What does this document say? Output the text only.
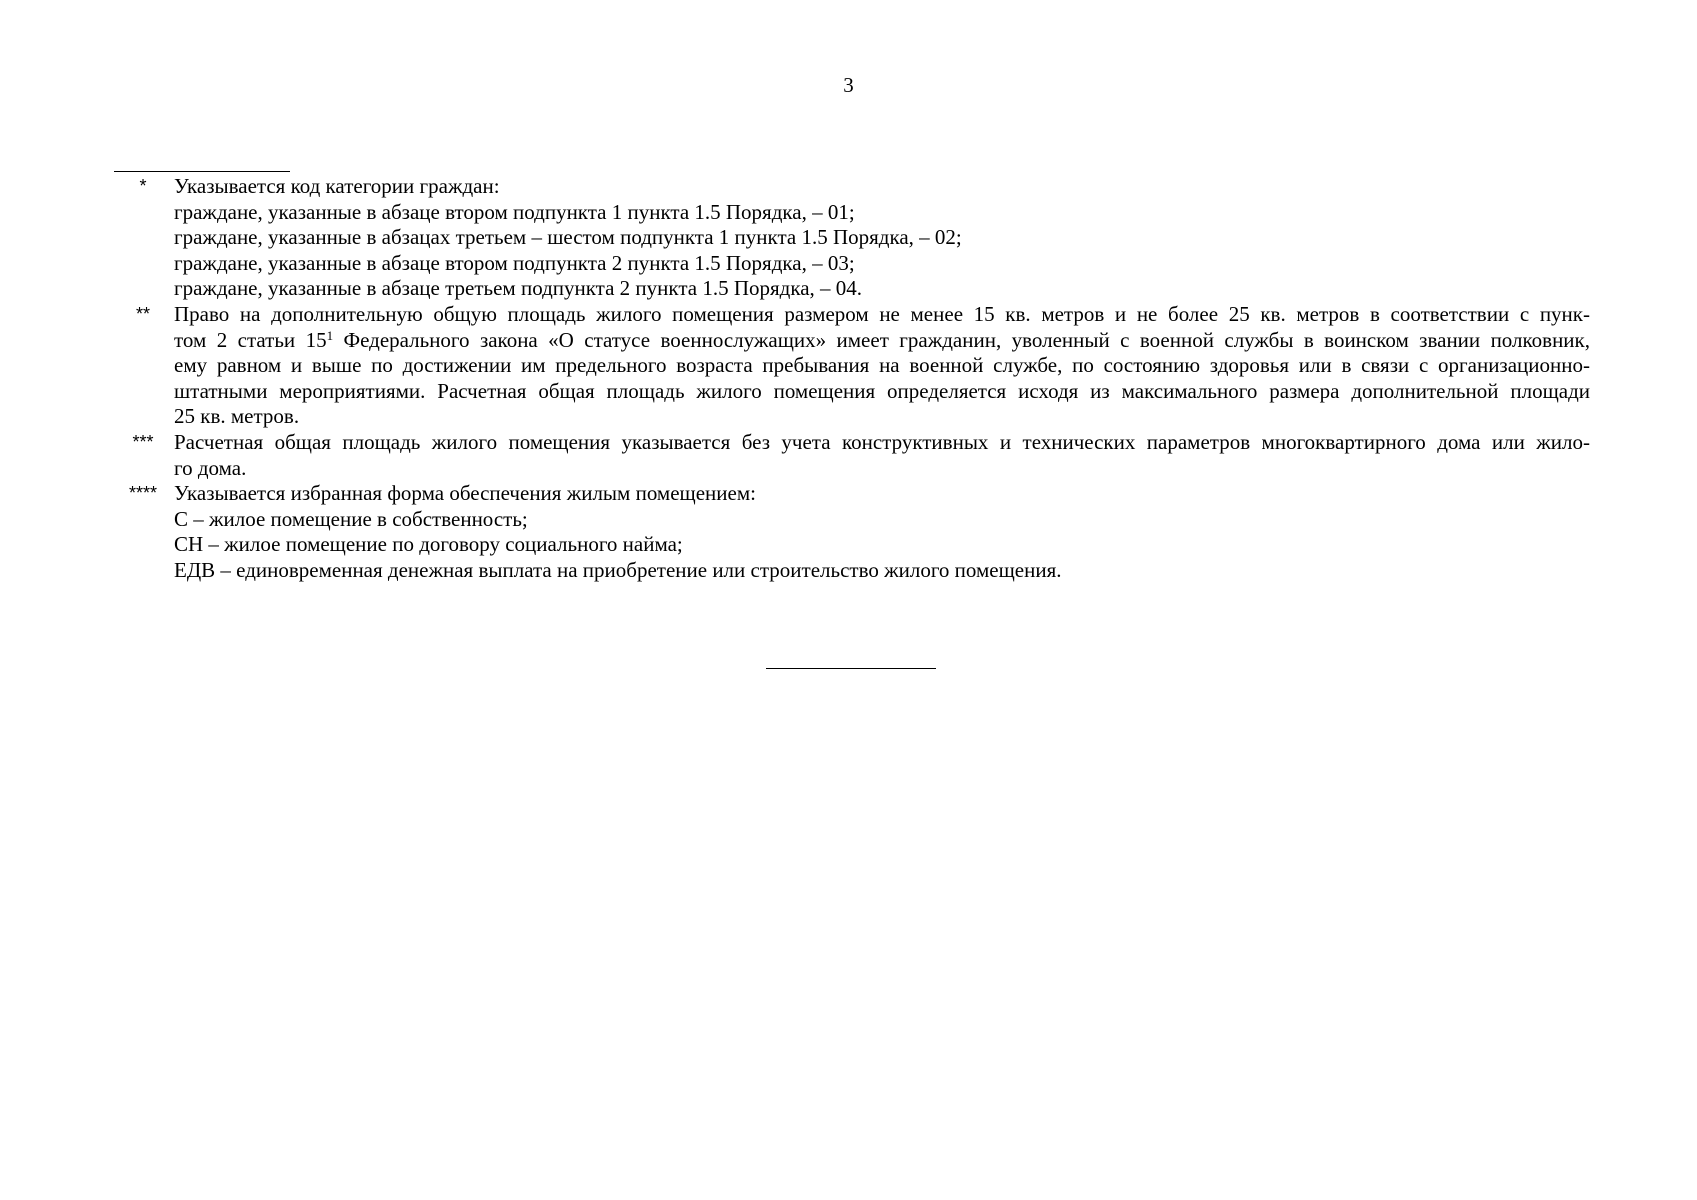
3
*	Указывается код категории граждан:
граждане, указанные в абзаце втором подпункта 1 пункта 1.5 Порядка, – 01;
граждане, указанные в абзацах третьем – шестом подпункта 1 пункта 1.5 Порядка, – 02;
граждане, указанные в абзаце втором подпункта 2 пункта 1.5 Порядка, – 03;
граждане, указанные в абзаце третьем подпункта 2 пункта 1.5 Порядка, – 04.
**	Право на дополнительную общую площадь жилого помещения размером не менее 15 кв. метров и не более 25 кв. метров в соответствии с пунк-
том 2 статьи $15^1$ Федерального закона «О статусе военнослужащих» имеет гражданин, уволенный с военной службы в воинском звании полковник,
ему равном и выше по достижении им предельного возраста пребывания на военной службе, по состоянию здоровья или в связи с организационно-
штатными мероприятиями. Расчетная общая площадь жилого помещения определяется исходя из максимального размера дополнительной площади
25 кв. метров.
*** Расчетная общая площадь жилого помещения указывается без учета конструктивных и технических параметров многоквартирного дома или жило-
го дома.
**** Указывается избранная форма обеспечения жилым помещением:
С – жилое помещение в собственность;
СН – жилое помещение по договору социального найма;
ЕДВ – единовременная денежная выплата на приобретение или строительство жилого помещения.
